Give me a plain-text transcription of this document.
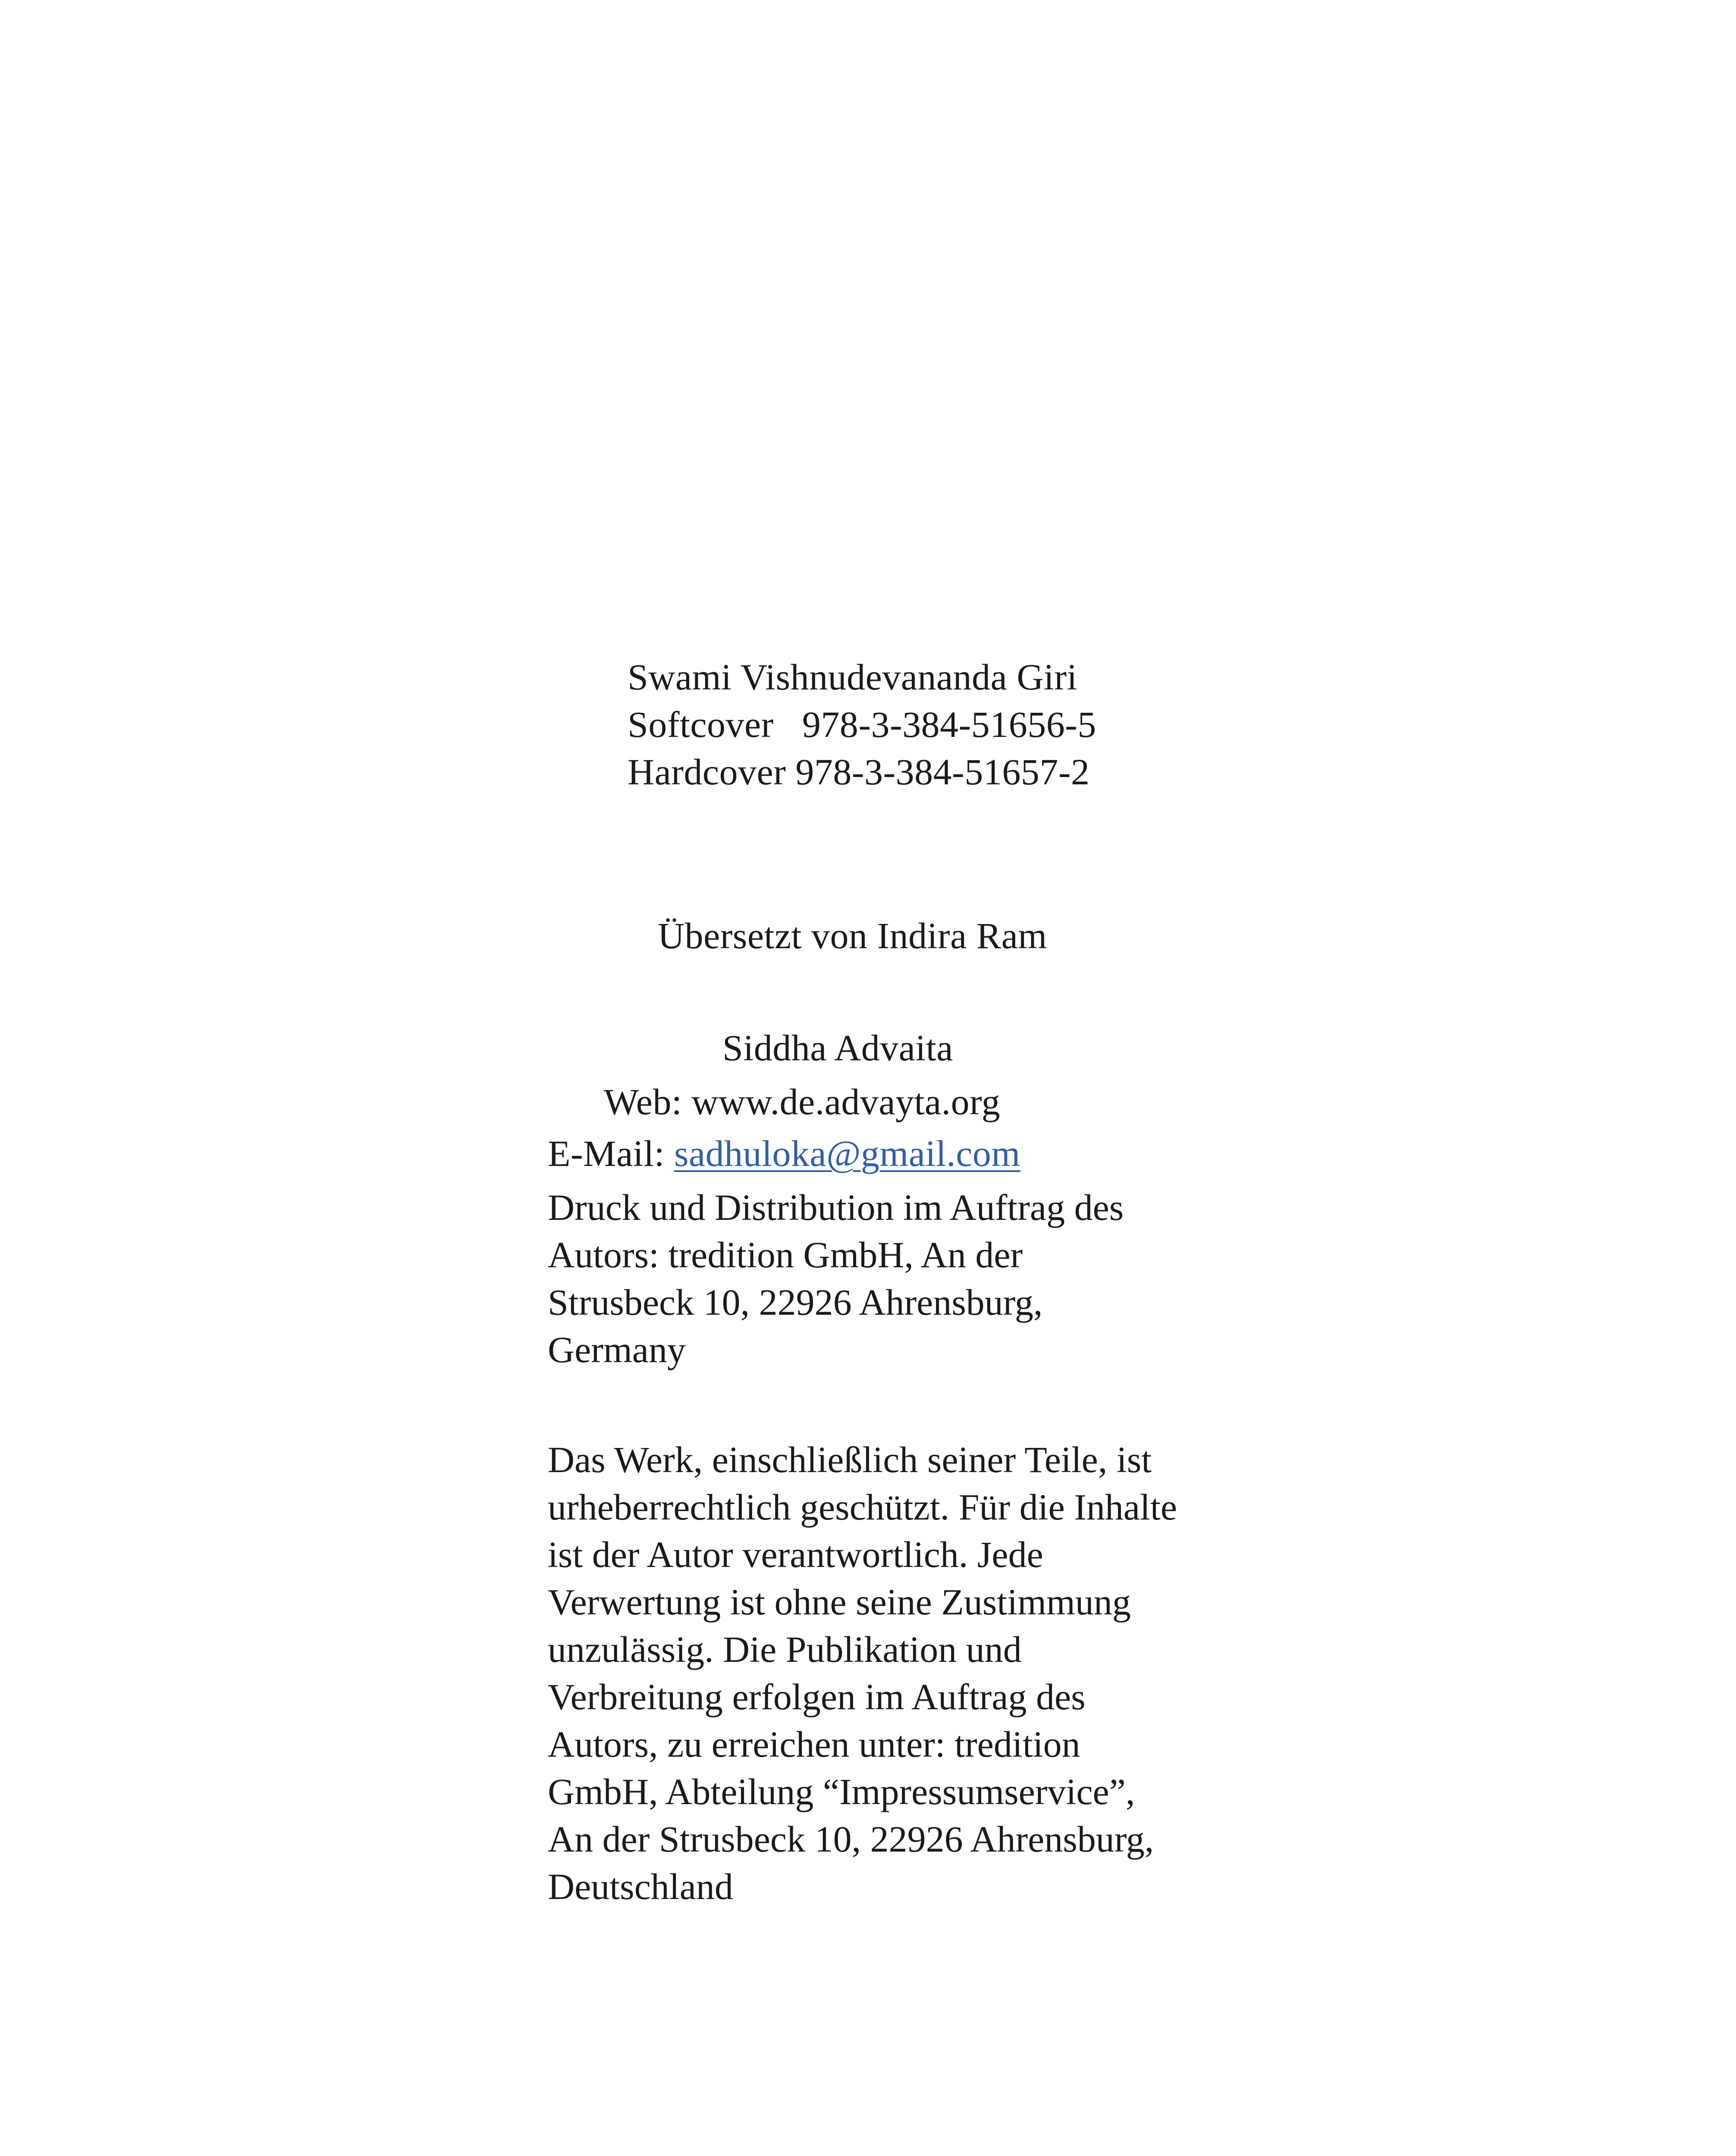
Swami Vishnudevananda Giri
Softcover   978-3-384-51656-5
Hardcover 978-3-384-51657-2
Übersetzt von Indira Ram
Siddha Advaita
Web: www.de.advayta.org
E-Mail: sadhuloka@gmail.com

Druck und Distribution im Auftrag des
Autors: tredition GmbH, An der
Strusbeck 10, 22926 Ahrensburg,
Germany

Das Werk, einschließlich seiner Teile, ist
urheberrechtlich geschützt. Für die Inhalte
ist der Autor verantwortlich. Jede
Verwertung ist ohne seine Zustimmung
unzulässig. Die Publikation und
Verbreitung erfolgen im Auftrag des
Autors, zu erreichen unter: tredition
GmbH, Abteilung “Impressumservice”,
An der Strusbeck 10, 22926 Ahrensburg,
Deutschland
